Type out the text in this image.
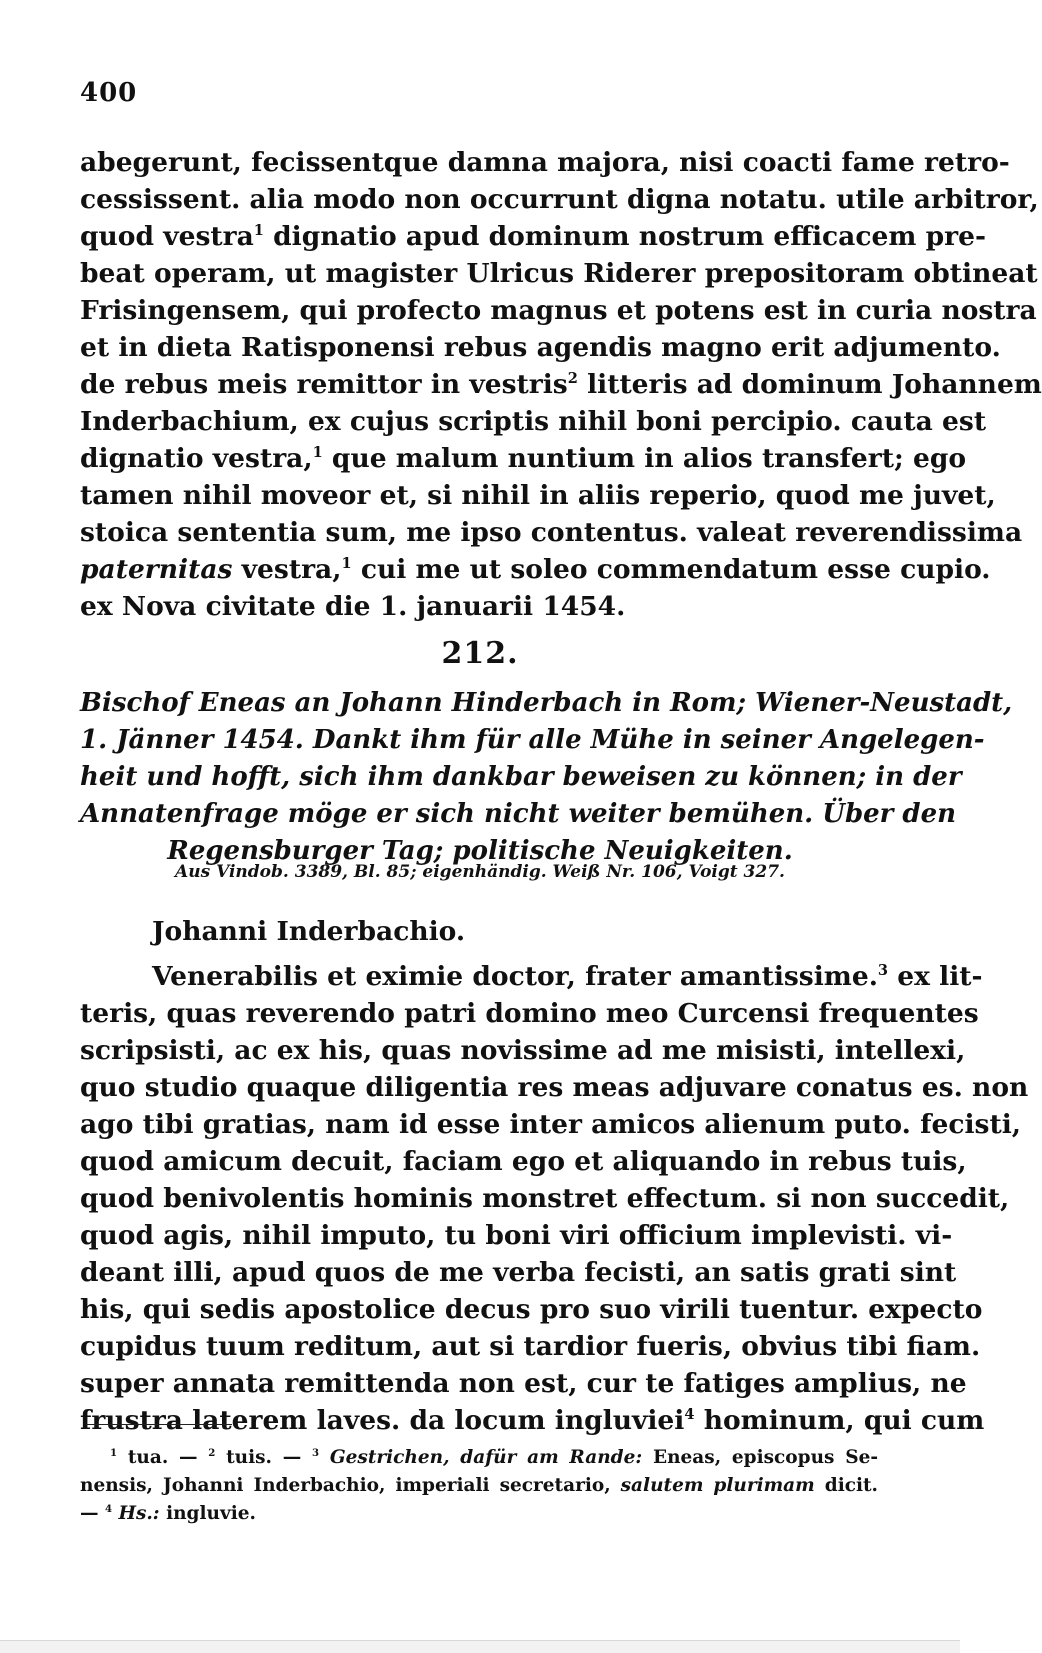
400
abegerunt, fecissentque damna majora, nisi coacti fame retro-
cessissent. alia modo non occurrunt digna notatu. utile arbitror,
quod vestra$^1$ dignatio apud dominum nostrum efficacem pre-
beat operam, ut magister Ulricus Riderer prepositoram obtineat
Frisingensem, qui profecto magnus et potens est in curia nostra
et in dieta Ratisponensi rebus agendis magno erit adjumento.
de rebus meis remittor in vestris$^2$ litteris ad dominum Johannem
Inderbachium, ex cujus scriptis nihil boni percipio. cauta est
dignatio vestra,$^1$ que malum nuntium in alios transfert; ego
tamen nihil moveor et, si nihil in aliis reperio, quod me juvet,
stoica sententia sum, me ipso contentus. valeat reverendissima
paternitas vestra,$^1$ cui me ut soleo commendatum esse cupio.
ex Nova civitate die 1. januarii 1454.
212.
Bischof Eneas an Johann Hinderbach in Rom; Wiener-Neustadt,
1. Jänner 1454. Dankt ihm für alle Mühe in seiner Angelegen-
heit und hofft, sich ihm dankbar beweisen zu können; in der
Annatenfrage möge er sich nicht weiter bemühen. Über den
Regensburger Tag; politische Neuigkeiten.
Aus Vindob. 3389, Bl. 85; eigenhändig. Weiß Nr. 106, Voigt 327.
Johanni Inderbachio.
Venerabilis et eximie doctor, frater amantissime.$^3$ ex lit-
teris, quas reverendo patri domino meo Curcensi frequentes
scripsisti, ac ex his, quas novissime ad me misisti, intellexi,
quo studio quaque diligentia res meas adjuvare conatus es. non
ago tibi gratias, nam id esse inter amicos alienum puto. fecisti,
quod amicum decuit, faciam ego et aliquando in rebus tuis,
quod benivolentis hominis monstret effectum. si non succedit,
quod agis, nihil imputo, tu boni viri officium implevisti. vi-
deant illi, apud quos de me verba fecisti, an satis grati sint
his, qui sedis apostolice decus pro suo virili tuentur. expecto
cupidus tuum reditum, aut si tardior fueris, obvius tibi fiam.
super annata remittenda non est, cur te fatiges amplius, ne
frustra laterem laves. da locum ingluviei$^4$ hominum, qui cum
$^1$ tua. — $^2$ tuis. — $^3$ Gestrichen, dafür am Rande: Eneas, episcopus Se-
nensis, Johanni Inderbachio, imperiali secretario, salutem plurimam dicit.
— $^4$ Hs.: ingluvie.
